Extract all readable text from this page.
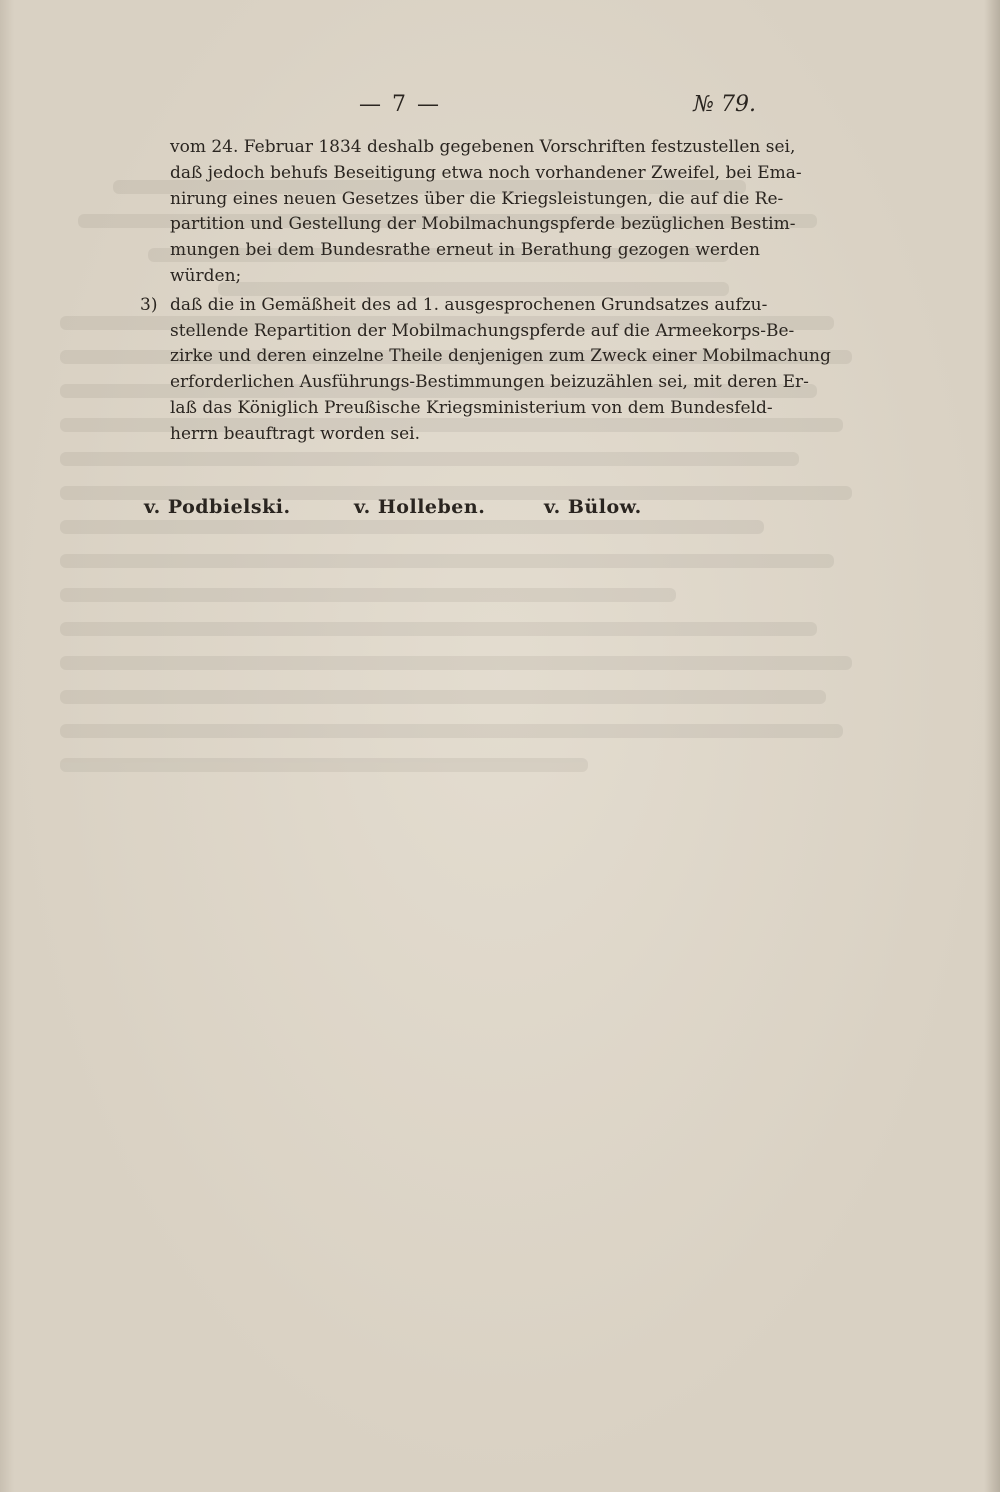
— 7 —	№ 79.

vom 24. Februar 1834 deshalb gegebenen Vorschriften festzustellen sei,
daß jedoch behufs Beseitigung etwa noch vorhandener Zweifel, bei Ema-
nirung eines neuen Gesetzes über die Kriegsleistungen, die auf die Re-
partition und Gestellung der Mobilmachungspferde bezüglichen Bestim-
mungen bei dem Bundesrathe erneut in Berathung gezogen werden
würden;

3) daß die in Gemäßheit des ad 1. ausgesprochenen Grundsatzes aufzu-
stellende Repartition der Mobilmachungspferde auf die Armeekorps-Be-
zirke und deren einzelne Theile denjenigen zum Zweck einer Mobilmachung
erforderlichen Ausführungs-Bestimmungen beizuzählen sei, mit deren Er-
laß das Königlich Preußische Kriegsministerium von dem Bundesfeld-
herrn beauftragt worden sei.

v. Podbielski.	v. Holleben.	v. Bülow.
